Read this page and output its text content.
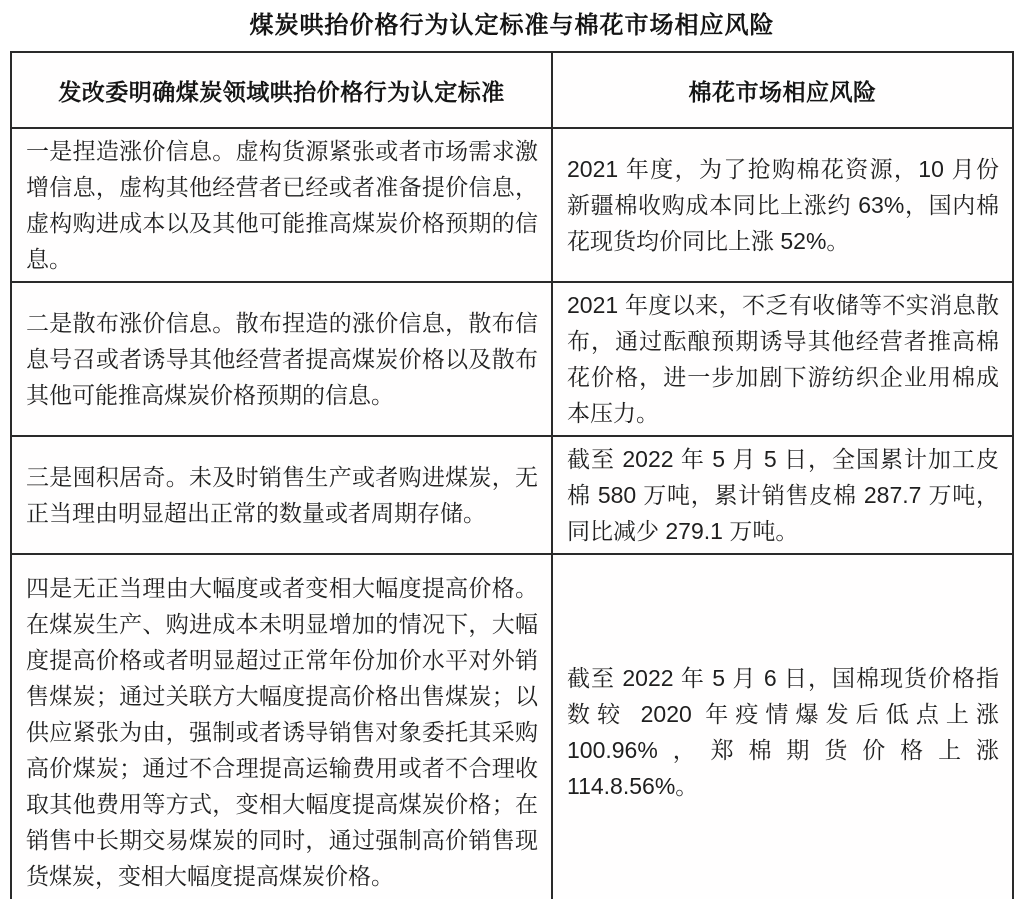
煤炭哄抬价格行为认定标准与棉花市场相应风险
发改委明确煤炭领域哄抬价格行为认定标准	棉花市场相应风险
一是捏造涨价信息。虚构货源紧张或者市场需求激增信息，虚构其他经营者已经或者准备提价信息，虚构购进成本以及其他可能推高煤炭价格预期的信息。	2021 年度，为了抢购棉花资源，10 月份新疆棉收购成本同比上涨约 63%，国内棉花现货均价同比上涨 52%。
二是散布涨价信息。散布捏造的涨价信息，散布信息号召或者诱导其他经营者提高煤炭价格以及散布其他可能推高煤炭价格预期的信息。	2021 年度以来，不乏有收储等不实消息散布，通过酝酿预期诱导其他经营者推高棉花价格，进一步加剧下游纺织企业用棉成本压力。
三是囤积居奇。未及时销售生产或者购进煤炭，无正当理由明显超出正常的数量或者周期存储。	截至 2022 年 5 月 5 日，全国累计加工皮棉 580 万吨，累计销售皮棉 287.7 万吨，同比减少 279.1 万吨。
四是无正当理由大幅度或者变相大幅度提高价格。在煤炭生产、购进成本未明显增加的情况下，大幅度提高价格或者明显超过正常年份加价水平对外销售煤炭；通过关联方大幅度提高价格出售煤炭；以供应紧张为由，强制或者诱导销售对象委托其采购高价煤炭；通过不合理提高运输费用或者不合理收取其他费用等方式，变相大幅度提高煤炭价格；在销售中长期交易煤炭的同时，通过强制高价销售现货煤炭，变相大幅度提高煤炭价格。	截至 2022 年 5 月 6 日，国棉现货价格指数较 2020 年疫情爆发后低点上涨 100.96%，郑棉期货价格上涨 114.8.56%。
